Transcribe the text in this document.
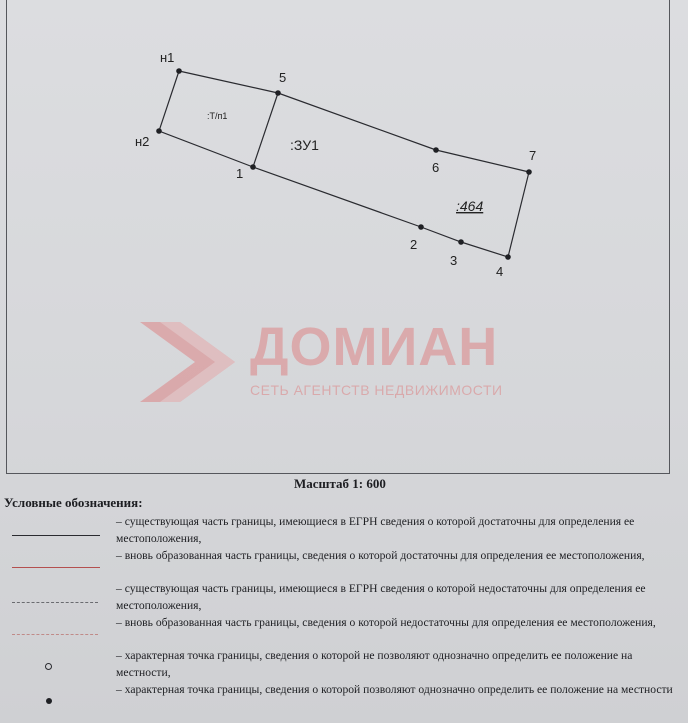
ДОМИАН
СЕТЬ АГЕНТСТВ НЕДВИЖИМОСТИ
н1
5
н2
1	6
7
2
3
4
:Т/п1
:ЗУ1
:464
Масштаб 1: 600
Условные обозначения:
– существующая часть границы, имеющиеся в ЕГРН сведения о которой достаточны для определения ее местоположения,
– вновь образованная часть границы, сведения о которой достаточны для определения ее местоположения,
– существующая часть границы, имеющиеся в ЕГРН сведения о которой недостаточны для определения ее местоположения,
– вновь образованная часть границы, сведения о которой недостаточны для определения ее местоположения,
– характерная точка границы, сведения о которой не позволяют однозначно определить ее положение на местности,
– характерная точка границы, сведения о которой позволяют однозначно определить ее положение на местности
